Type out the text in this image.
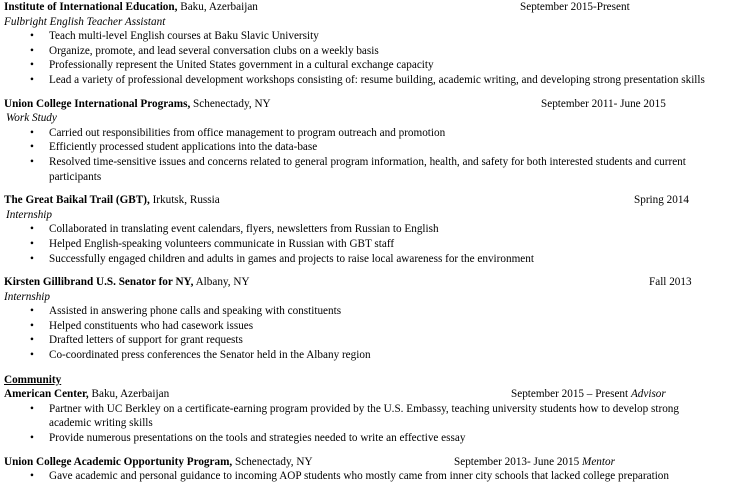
Institute of International Education, Baku, Azerbaijan	September 2015-Present
Fulbright English Teacher Assistant
• Teach multi-level English courses at Baku Slavic University
• Organize, promote, and lead several conversation clubs on a weekly basis
• Professionally represent the United States government in a cultural exchange capacity
• Lead a variety of professional development workshops consisting of: resume building, academic writing, and developing strong presentation skills
Union College International Programs, Schenectady, NY	September 2011- June 2015
Work Study
• Carried out responsibilities from office management to program outreach and promotion
• Efficiently processed student applications into the data-base
• Resolved time-sensitive issues and concerns related to general program information, health, and safety for both interested students and current
participants
The Great Baikal Trail (GBT), Irkutsk, Russia	Spring 2014
Internship
• Collaborated in translating event calendars, flyers, newsletters from Russian to English
• Helped English-speaking volunteers communicate in Russian with GBT staff
• Successfully engaged children and adults in games and projects to raise local awareness for the environment
Kirsten Gillibrand U.S. Senator for NY, Albany, NY	Fall 2013
Internship
• Assisted in answering phone calls and speaking with constituents
• Helped constituents who had casework issues
• Drafted letters of support for grant requests
• Co-coordinated press conferences the Senator held in the Albany region
Community
American Center, Baku, Azerbaijan	September 2015 – Present Advisor
• Partner with UC Berkley on a certificate-earning program provided by the U.S. Embassy, teaching university students how to develop strong
academic writing skills
• Provide numerous presentations on the tools and strategies needed to write an effective essay
Union College Academic Opportunity Program, Schenectady, NY	September 2013- June 2015 Mentor
• Gave academic and personal guidance to incoming AOP students who mostly came from inner city schools that lacked college preparation
